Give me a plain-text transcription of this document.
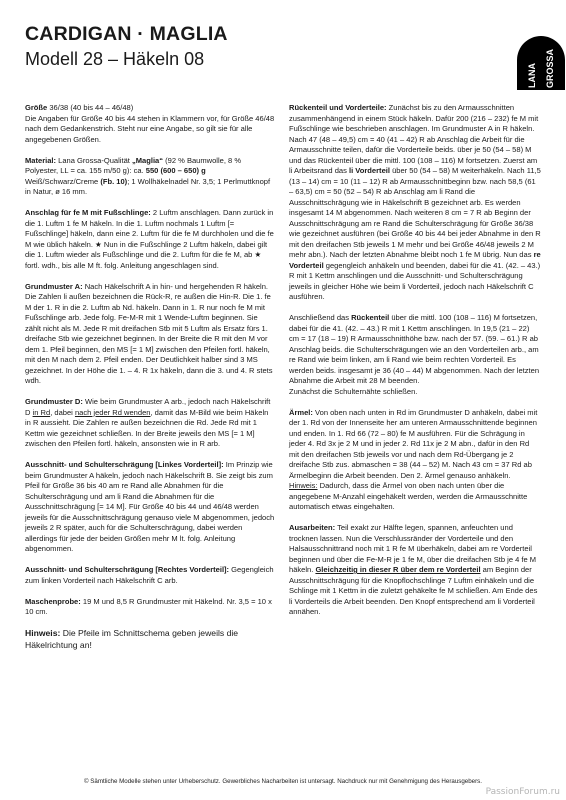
CARDIGAN · MAGLIA
Modell 28 – Häkeln 08
LANA GROSSA

Größe 36/38 (40 bis 44 – 46/48)
Die Angaben für Größe 40 bis 44 stehen in Klammern vor, für Größe 46/48 nach dem Gedankenstrich. Steht nur eine Angabe, so gilt sie für alle angegebenen Größen.

Material: Lana Grossa-Qualität „Maglia“ (92 % Baumwolle, 8 % Polyester, LL = ca. 155 m/50 g): ca. 550 (600 – 650) g Weiß/Schwarz/Creme (Fb. 10); 1 Wollhäkelnadel Nr. 3,5; 1 Perlmuttknopf in Natur, ø 16 mm.

Anschlag für fe M mit Fußschlinge: 2 Luftm anschlagen. Dann zurück in die 1. Luftm 1 fe M häkeln. In die 1. Luftm nochmals 1 Luftm [= Fußschlinge] häkeln, dann eine 2. Luftm für die fe M durchholen und die fe M wie üblich häkeln. ★ Nun in die Fußschlinge 2 Luftm häkeln, dabei gilt die 1. Luftm wieder als Fußschlinge und die 2. Luftm für die fe M, ab ★ fortl. wdh., bis alle M ft. folg. Anleitung angeschlagen sind.

Grundmuster A: Nach Häkelschrift A in hin- und hergehenden R häkeln. Die Zahlen li außen bezeichnen die Rück-R, re außen die Hin-R. Die 1. fe M der 1. R in die 2. Luftm ab Nd. häkeln. Dann in 1. R nur noch fe M mit Fußschlinge arb. Jede folg. Fe-M-R mit 1 Wende-Luftm beginnen. Sie zählt nicht als M. Jede R mit dreifachen Stb mit 5 Luftm als Ersatz fürs 1. dreifache Stb wie gezeichnet beginnen. In der Breite die R mit den M vor dem 1. Pfeil beginnen, den MS [= 1 M] zwischen den Pfeilen fortl. häkeln, mit den M nach dem 2. Pfeil enden. Der Deutlichkeit halber sind 3 MS gezeichnet. In der Höhe die 1. – 4. R 1x häkeln, dann die 3. und 4. R stets wdh.

Grundmuster D: Wie beim Grundmuster A arb., jedoch nach Häkelschrift D in Rd, dabei nach jeder Rd wenden, damit das M-Bild wie beim Häkeln in R aussieht. Die Zahlen re außen bezeichnen die Rd. Jede Rd mit 1 Kettm wie gezeichnet schließen. In der Breite jeweils den MS [= 1 M] zwischen den Pfeilen fortl. häkeln, ansonsten wie in R arb.

Ausschnitt- und Schulterschrägung [Linkes Vorderteil]: Im Prinzip wie beim Grundmuster A häkeln, jedoch nach Häkelschrift B. Sie zeigt bis zum Pfeil für Größe 36 bis 40 am re Rand alle Abnahmen für die Schulterschrägung und am li Rand die Abnahmen für die Ausschnittschrägung [= 14 M]. Für Größe 40 bis 44 und 46/48 werden jeweils für die Ausschnittschrägung genauso viele M abgenommen, jedoch jeweils 2 R später, auch für die Schulterschrägung, dabei werden allerdings für jede der beiden Größen mehr M lt. folg. Anleitung abgenommen.

Ausschnitt- und Schulterschrägung [Rechtes Vorderteil]: Gegengleich zum linken Vorderteil nach Häkelschrift C arb.

Maschenprobe: 19 M und 8,5 R Grundmuster mit Häkelnd. Nr. 3,5 = 10 x 10 cm.

Hinweis: Die Pfeile im Schnittschema geben jeweils die Häkelrichtung an!

Rückenteil und Vorderteile: Zunächst bis zu den Armausschnitten zusammenhängend in einem Stück häkeln. Dafür 200 (216 – 232) fe M mit Fußschlinge wie beschrieben anschlagen. Im Grundmuster A in R häkeln. Nach 47 (48 – 49,5) cm = 40 (41 – 42) R ab Anschlag die Arbeit für die Armausschnitte teilen, dafür die Vorderteile beids. über je 50 (54 – 58) M und das Rückenteil über die mittl. 100 (108 – 116) M fortsetzen. Zuerst am li Arbeitsrand das li Vorderteil über 50 (54 – 58) M weiterhäkeln. Nach 11,5 (13 – 14) cm = 10 (11 – 12) R ab Armausschnittbeginn bzw. nach 58,5 (61 – 63,5) cm = 50 (52 – 54) R ab Anschlag am li Rand die Ausschnittschrägung wie in Häkelschrift B gezeichnet arb. Es werden insgesamt 14 M abgenommen. Nach weiteren 8 cm = 7 R ab Beginn der Ausschnittschrägung am re Rand die Schulterschrägung für Größe 36/38 wie gezeichnet ausführen (bei Größe 40 bis 44 bei jeder Abnahme in den R mit den dreifachen Stb jeweils 1 M mehr und bei Größe 46/48 jeweils 2 M mehr abn.). Nach der letzten Abnahme bleibt noch 1 fe M übrig. Nun das re Vorderteil gegengleich anhäkeln und beenden, dabei für die 41. (42. – 43.) R mit 1 Kettm anschlingen und die Ausschnitt- und Schulterschrägung jeweils in gleicher Höhe wie beim li Vorderteil, jedoch nach Häkelschrift C ausführen.

Anschließend das Rückenteil über die mittl. 100 (108 – 116) M fortsetzen, dabei für die 41. (42. – 43.) R mit 1 Kettm anschlingen. In 19,5 (21 – 22) cm = 17 (18 – 19) R Armausschnitthöhe bzw. nach der 57. (59. – 61.) R ab Anschlag beids. die Schulterschrägungen wie an den Vorderteilen arb., am re Rand wie beim linken, am li Rand wie beim rechten Vorderteil. Es werden beids. insgesamt je 36 (40 – 44) M abgenommen. Nach der letzten Abnahme die Arbeit mit 28 M beenden.

Zunächst die Schulternähte schließen.

Ärmel: Von oben nach unten in Rd im Grundmuster D anhäkeln, dabei mit der 1. Rd von der Innenseite her am unteren Armausschnittende beginnen und enden. In 1. Rd 66 (72 – 80) fe M ausführen. Für die Schrägung in jeder 4. Rd 3x je 2 M und in jeder 2. Rd 11x je 2 M abn., dafür in den Rd mit den dreifachen Stb jeweils vor und nach dem Rd-Übergang je 2 dreifache Stb zus. abmaschen = 38 (44 – 52) M. Nach 43 cm = 37 Rd ab Ärmelbeginn die Arbeit beenden. Den 2. Ärmel genauso anhäkeln. Hinweis: Dadurch, dass die Ärmel von oben nach unten über die angegebene M-Anzahl eingehäkelt werden, werden die Armausschnitte automatisch etwas eingehalten.

Ausarbeiten: Teil exakt zur Hälfte legen, spannen, anfeuchten und trocknen lassen. Nun die Verschlussränder der Vorderteile und den Halsausschnittrand noch mit 1 R fe M überhäkeln, dabei am re Vorderteil beginnen und über die Fe-M-R je 1 fe M, über die dreifachen Stb je 4 fe M häkeln. Gleichzeitig in dieser R über dem re Vorderteil am Beginn der Ausschnittschrägung für die Knopflochschlinge 7 Luftm einhäkeln und die Schlinge mit 1 Kettm in die zuletzt gehäkelte fe M schließen. Am Ende des li Vorderteils die Arbeit beenden. Den Knopf entsprechend am li Vorderteil annähen.

© Sämtliche Modelle stehen unter Urheberschutz. Gewerbliches Nacharbeiten ist untersagt. Nachdruck nur mit Genehmigung des Herausgebers.
PassionForum.ru
